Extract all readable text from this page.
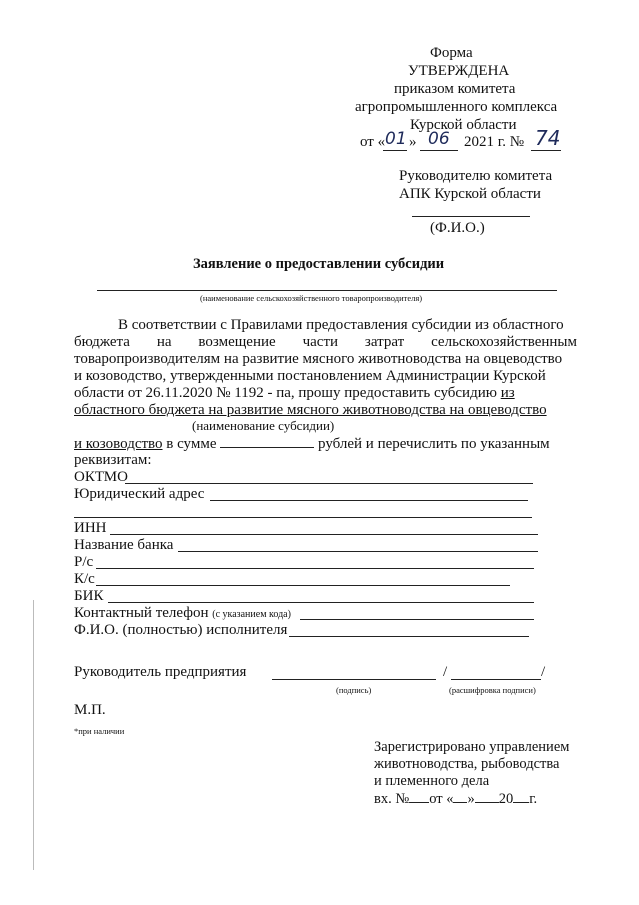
Форма
УТВЕРЖДЕНА
приказом комитета
агропромышленного комплекса
Курской области
от « 01 » 06 2021 г. № 74
Руководителю комитета
АПК Курской области
(Ф.И.О.)
Заявление о предоставлении субсидии
(наименование сельскохозяйственного товаропроизводителя)
В соответствии с Правилами предоставления субсидии из областного
бюджета на возмещение части затрат сельскохозяйственным
товаропроизводителям на развитие мясного животноводства на овцеводство
и козоводство, утвержденными постановлением Администрации Курской
области от 26.11.2020 № 1192 - па, прошу предоставить субсидию из
областного бюджета на развитие мясного животноводства на овцеводство
(наименование субсидии)
и козоводство в сумме	рублей и перечислить по указанным
реквизитам:
ОКТМО
Юридический адрес
ИНН
Название банка
Р/с
К/с
БИК
Контактный телефон (с указанием кода)
Ф.И.О. (полностью) исполнителя
Руководитель предприятия	/	/
(подпись)	(расшифровка подписи)
М.П.
*при наличии
Зарегистрировано управлением
животноводства, рыбоводства
и племенного дела
вх. № от « » 20 г.
